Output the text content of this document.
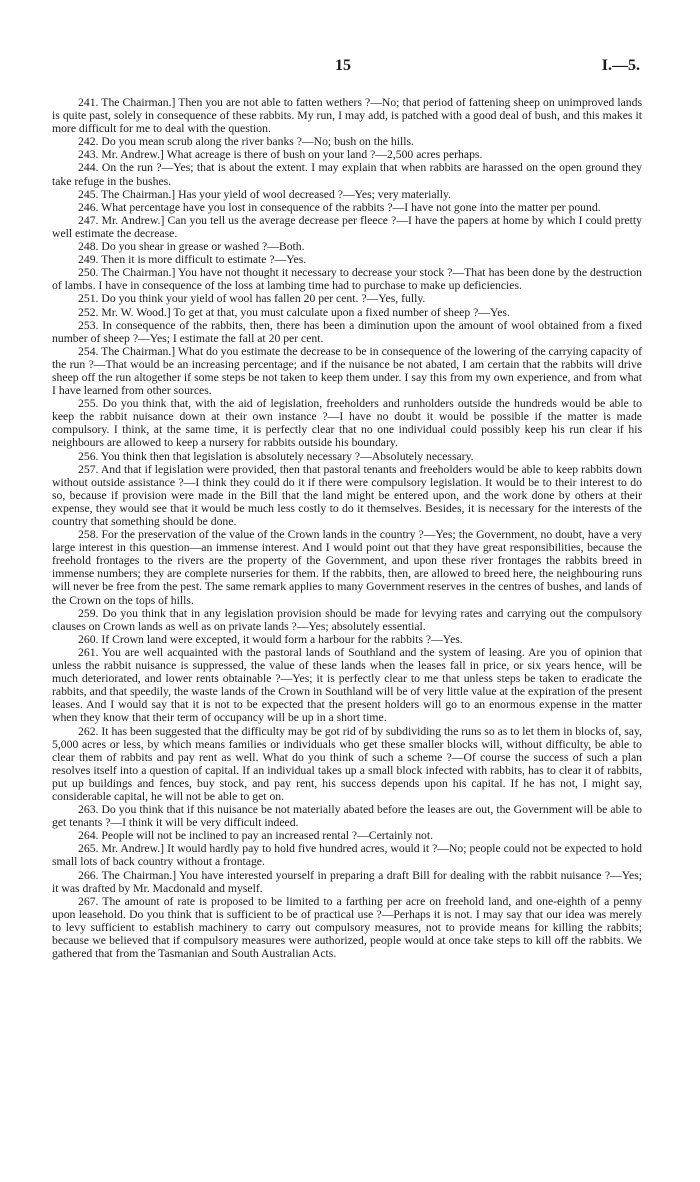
15	I.—5.

241. The Chairman.] Then you are not able to fatten wethers ?—No; that period of fattening sheep on unimproved lands is quite past, solely in consequence of these rabbits. My run, I may add, is patched with a good deal of bush, and this makes it more difficult for me to deal with the question.

242. Do you mean scrub along the river banks ?—No; bush on the hills.

243. Mr. Andrew.] What acreage is there of bush on your land ?—2,500 acres perhaps.

244. On the run ?—Yes; that is about the extent. I may explain that when rabbits are harassed on the open ground they take refuge in the bushes.

245. The Chairman.] Has your yield of wool decreased ?—Yes; very materially.

246. What percentage have you lost in consequence of the rabbits ?—I have not gone into the matter per pound.

247. Mr. Andrew.] Can you tell us the average decrease per fleece ?—I have the papers at home by which I could pretty well estimate the decrease.

248. Do you shear in grease or washed ?—Both.

249. Then it is more difficult to estimate ?—Yes.

250. The Chairman.] You have not thought it necessary to decrease your stock ?—That has been done by the destruction of lambs. I have in consequence of the loss at lambing time had to purchase to make up deficiencies.

251. Do you think your yield of wool has fallen 20 per cent. ?—Yes, fully.

252. Mr. W. Wood.] To get at that, you must calculate upon a fixed number of sheep ?—Yes.

253. In consequence of the rabbits, then, there has been a diminution upon the amount of wool obtained from a fixed number of sheep ?—Yes; I estimate the fall at 20 per cent.

254. The Chairman.] What do you estimate the decrease to be in consequence of the lowering of the carrying capacity of the run ?—That would be an increasing percentage; and if the nuisance be not abated, I am certain that the rabbits will drive sheep off the run altogether if some steps be not taken to keep them under. I say this from my own experience, and from what I have learned from other sources.

255. Do you think that, with the aid of legislation, freeholders and runholders outside the hundreds would be able to keep the rabbit nuisance down at their own instance ?—I have no doubt it would be possible if the matter is made compulsory. I think, at the same time, it is perfectly clear that no one individual could possibly keep his run clear if his neighbours are allowed to keep a nursery for rabbits outside his boundary.

256. You think then that legislation is absolutely necessary ?—Absolutely necessary.

257. And that if legislation were provided, then that pastoral tenants and freeholders would be able to keep rabbits down without outside assistance ?—I think they could do it if there were compulsory legislation. It would be to their interest to do so, because if provision were made in the Bill that the land might be entered upon, and the work done by others at their expense, they would see that it would be much less costly to do it themselves. Besides, it is necessary for the interests of the country that something should be done.

258. For the preservation of the value of the Crown lands in the country ?—Yes; the Government, no doubt, have a very large interest in this question—an immense interest. And I would point out that they have great responsibilities, because the freehold frontages to the rivers are the property of the Government, and upon these river frontages the rabbits breed in immense numbers; they are complete nurseries for them. If the rabbits, then, are allowed to breed here, the neighbouring runs will never be free from the pest. The same remark applies to many Government reserves in the centres of bushes, and lands of the Crown on the tops of hills.

259. Do you think that in any legislation provision should be made for levying rates and carrying out the compulsory clauses on Crown lands as well as on private lands ?—Yes; absolutely essential.

260. If Crown land were excepted, it would form a harbour for the rabbits ?—Yes.

261. You are well acquainted with the pastoral lands of Southland and the system of leasing. Are you of opinion that unless the rabbit nuisance is suppressed, the value of these lands when the leases fall in price, or six years hence, will be much deteriorated, and lower rents obtainable ?—Yes; it is perfectly clear to me that unless steps be taken to eradicate the rabbits, and that speedily, the waste lands of the Crown in Southland will be of very little value at the expiration of the present leases. And I would say that it is not to be expected that the present holders will go to an enormous expense in the matter when they know that their term of occupancy will be up in a short time.

262. It has been suggested that the difficulty may be got rid of by subdividing the runs so as to let them in blocks of, say, 5,000 acres or less, by which means families or individuals who get these smaller blocks will, without difficulty, be able to clear them of rabbits and pay rent as well. What do you think of such a scheme ?—Of course the success of such a plan resolves itself into a question of capital. If an individual takes up a small block infected with rabbits, has to clear it of rabbits, put up buildings and fences, buy stock, and pay rent, his success depends upon his capital. If he has not, I might say, considerable capital, he will not be able to get on.

263. Do you think that if this nuisance be not materially abated before the leases are out, the Government will be able to get tenants ?—I think it will be very difficult indeed.

264. People will not be inclined to pay an increased rental ?—Certainly not.

265. Mr. Andrew.] It would hardly pay to hold five hundred acres, would it ?—No; people could not be expected to hold small lots of back country without a frontage.

266. The Chairman.] You have interested yourself in preparing a draft Bill for dealing with the rabbit nuisance ?—Yes; it was drafted by Mr. Macdonald and myself.

267. The amount of rate is proposed to be limited to a farthing per acre on freehold land, and one-eighth of a penny upon leasehold. Do you think that is sufficient to be of practical use ?—Perhaps it is not. I may say that our idea was merely to levy sufficient to establish machinery to carry out compulsory measures, not to provide means for killing the rabbits; because we believed that if compulsory measures were authorized, people would at once take steps to kill off the rabbits. We gathered that from the Tasmanian and South Australian Acts.
